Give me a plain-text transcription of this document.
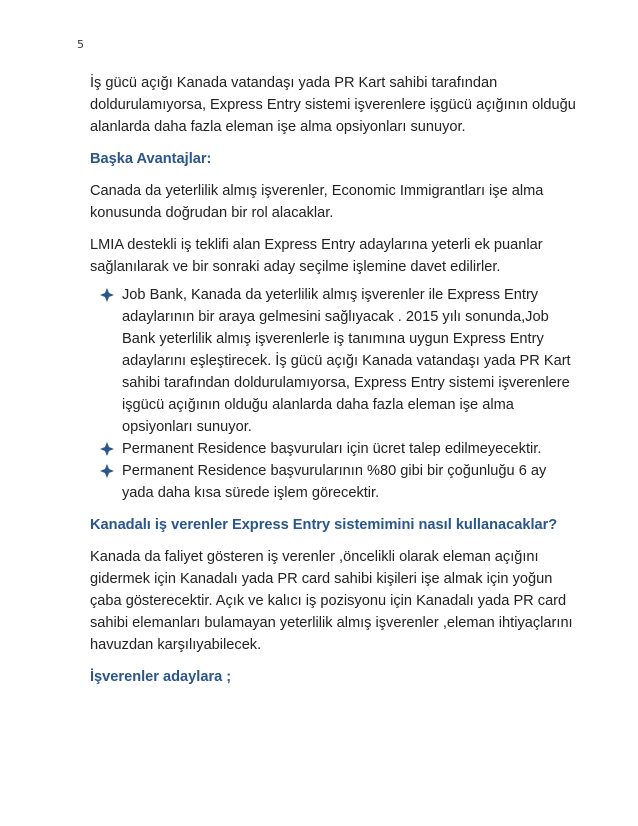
5
İş gücü açığı Kanada vatandaşı yada PR Kart sahibi tarafından
doldurulamıyorsa, Express Entry sistemi işverenlere işgücü açığının olduğu
alanlarda daha fazla eleman işe alma opsiyonları sunuyor.
Başka Avantajlar:
Canada da yeterlilik almış işverenler, Economic Immigrantları işe alma
konusunda doğrudan bir rol alacaklar.
LMIA destekli iş teklifi alan Express Entry adaylarına yeterli ek puanlar
sağlanılarak ve bir sonraki aday seçilme işlemine davet edilirler.
Job Bank, Kanada da yeterlilik almış işverenler ile Express Entry
adaylarının bir araya gelmesini sağlıyacak . 2015 yılı sonunda,Job
Bank yeterlilik almış işverenlerle iş tanımına uygun Express Entry
adaylarını eşleştirecek. İş gücü açığı Kanada vatandaşı yada PR Kart
sahibi tarafından doldurulamıyorsa, Express Entry sistemi işverenlere
işgücü açığının olduğu alanlarda daha fazla eleman işe alma
opsiyonları sunuyor.
Permanent Residence başvuruları için ücret talep edilmeyecektir.
Permanent Residence başvurularının %80 gibi bir çoğunluğu 6 ay
yada daha kısa sürede işlem görecektir.
Kanadalı iş verenler Express Entry sistemimini nasıl kullanacaklar?
Kanada da faliyet gösteren iş verenler ,öncelikli olarak eleman açığını
gidermek için Kanadalı yada PR card sahibi kişileri işe almak için yoğun
çaba gösterecektir. Açık ve kalıcı iş pozisyonu için Kanadalı yada PR card
sahibi elemanları bulamayan yeterlilik almış işverenler ,eleman ihtiyaçlarını
havuzdan karşılıyabilecek.
İşverenler adaylara ;
